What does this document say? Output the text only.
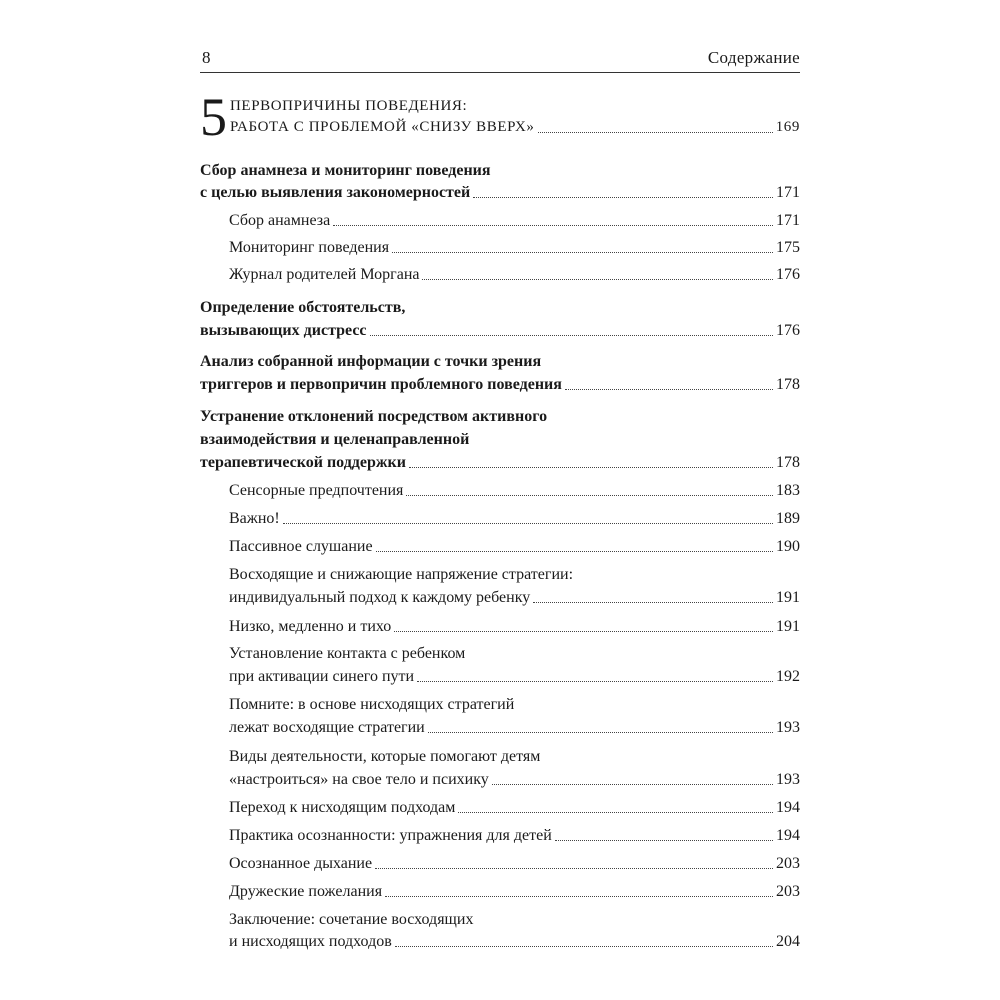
8	Содержание
5 ПЕРВОПРИЧИНЫ ПОВЕДЕНИЯ:
РАБОТА С ПРОБЛЕМОЙ «СНИЗУ ВВЕРХ»	169
Сбор анамнеза и мониторинг поведения
с целью выявления закономерностей	171
Сбор анамнеза	171
Мониторинг поведения	175
Журнал родителей Моргана	176
Определение обстоятельств,
вызывающих дистресс	176
Анализ собранной информации с точки зрения
триггеров и первопричин проблемного поведения	178
Устранение отклонений посредством активного
взаимодействия и целенаправленной
терапевтической поддержки	178
Сенсорные предпочтения	183
Важно!	189
Пассивное слушание	190
Восходящие и снижающие напряжение стратегии:
индивидуальный подход к каждому ребенку	191
Низко, медленно и тихо	191
Установление контакта с ребенком
при активации синего пути	192
Помните: в основе нисходящих стратегий
лежат восходящие стратегии	193
Виды деятельности, которые помогают детям
«настроиться» на свое тело и психику	193
Переход к нисходящим подходам	194
Практика осознанности: упражнения для детей	194
Осознанное дыхание	203
Дружеские пожелания	203
Заключение: сочетание восходящих
и нисходящих подходов	204
